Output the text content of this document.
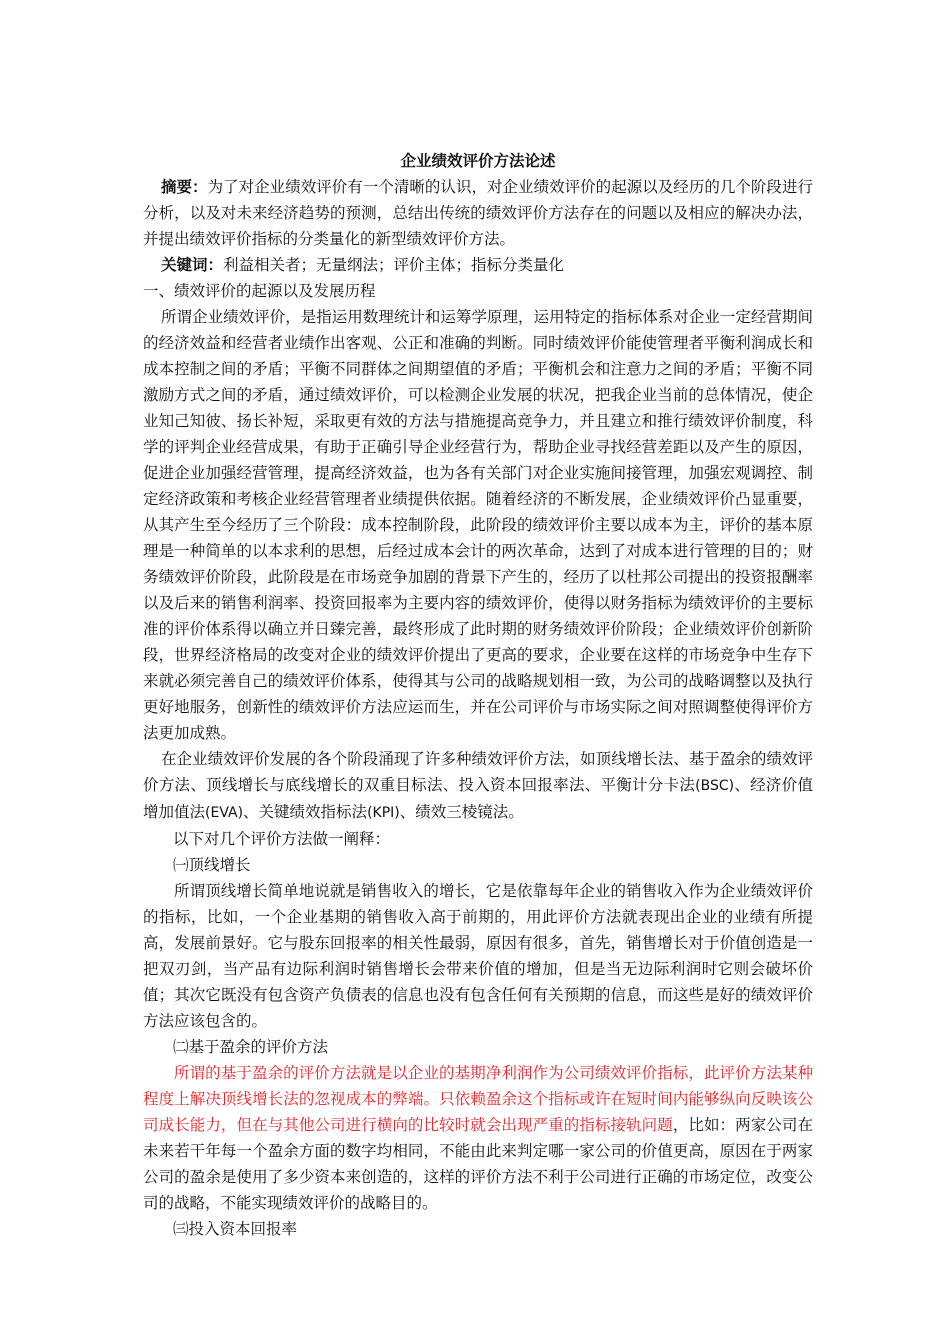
企业绩效评价方法论述

摘要：为了对企业绩效评价有一个清晰的认识，对企业绩效评价的起源以及经历的几个阶段进行分析，以及对未来经济趋势的预测，总结出传统的绩效评价方法存在的问题以及相应的解决办法，并提出绩效评价指标的分类量化的新型绩效评价方法。

关键词：利益相关者；无量纲法；评价主体；指标分类量化

一、绩效评价的起源以及发展历程

所谓企业绩效评价，是指运用数理统计和运筹学原理，运用特定的指标体系对企业一定经营期间的经济效益和经营者业绩作出客观、公正和准确的判断。同时绩效评价能使管理者平衡利润成长和成本控制之间的矛盾；平衡不同群体之间期望值的矛盾；平衡机会和注意力之间的矛盾；平衡不同激励方式之间的矛盾，通过绩效评价，可以检测企业发展的状况，把我企业当前的总体情况，使企业知己知彼、扬长补短，采取更有效的方法与措施提高竞争力，并且建立和推行绩效评价制度，科学的评判企业经营成果，有助于正确引导企业经营行为，帮助企业寻找经营差距以及产生的原因，促进企业加强经营管理，提高经济效益，也为各有关部门对企业实施间接管理，加强宏观调控、制定经济政策和考核企业经营管理者业绩提供依据。随着经济的不断发展，企业绩效评价凸显重要，从其产生至今经历了三个阶段：成本控制阶段，此阶段的绩效评价主要以成本为主，评价的基本原理是一种简单的以本求利的思想，后经过成本会计的两次革命，达到了对成本进行管理的目的；财务绩效评价阶段，此阶段是在市场竞争加剧的背景下产生的，经历了以杜邦公司提出的投资报酬率以及后来的销售利润率、投资回报率为主要内容的绩效评价，使得以财务指标为绩效评价的主要标准的评价体系得以确立并日臻完善，最终形成了此时期的财务绩效评价阶段；企业绩效评价创新阶段，世界经济格局的改变对企业的绩效评价提出了更高的要求，企业要在这样的市场竞争中生存下来就必须完善自己的绩效评价体系，使得其与公司的战略规划相一致，为公司的战略调整以及执行更好地服务，创新性的绩效评价方法应运而生，并在公司评价与市场实际之间对照调整使得评价方法更加成熟。

在企业绩效评价发展的各个阶段涌现了许多种绩效评价方法，如顶线增长法、基于盈余的绩效评价方法、顶线增长与底线增长的双重目标法、投入资本回报率法、平衡计分卡法(BSC)、经济价值增加值法(EVA)、关键绩效指标法(KPI)、绩效三棱镜法。

以下对几个评价方法做一阐释：

㈠顶线增长

所谓顶线增长简单地说就是销售收入的增长，它是依靠每年企业的销售收入作为企业绩效评价的指标，比如，一个企业基期的销售收入高于前期的，用此评价方法就表现出企业的业绩有所提高，发展前景好。它与股东回报率的相关性最弱，原因有很多，首先，销售增长对于价值创造是一把双刃剑，当产品有边际利润时销售增长会带来价值的增加，但是当无边际利润时它则会破坏价值；其次它既没有包含资产负债表的信息也没有包含任何有关预期的信息，而这些是好的绩效评价方法应该包含的。

㈡基于盈余的评价方法

所谓的基于盈余的评价方法就是以企业的基期净利润作为公司绩效评价指标，此评价方法某种程度上解决顶线增长法的忽视成本的弊端。只依赖盈余这个指标或许在短时间内能够纵向反映该公司成长能力，但在与其他公司进行横向的比较时就会出现严重的指标接轨问题，比如：两家公司在未来若干年每一个盈余方面的数字均相同，不能由此来判定哪一家公司的价值更高，原因在于两家公司的盈余是使用了多少资本来创造的，这样的评价方法不利于公司进行正确的市场定位，改变公司的战略，不能实现绩效评价的战略目的。

㈢投入资本回报率
